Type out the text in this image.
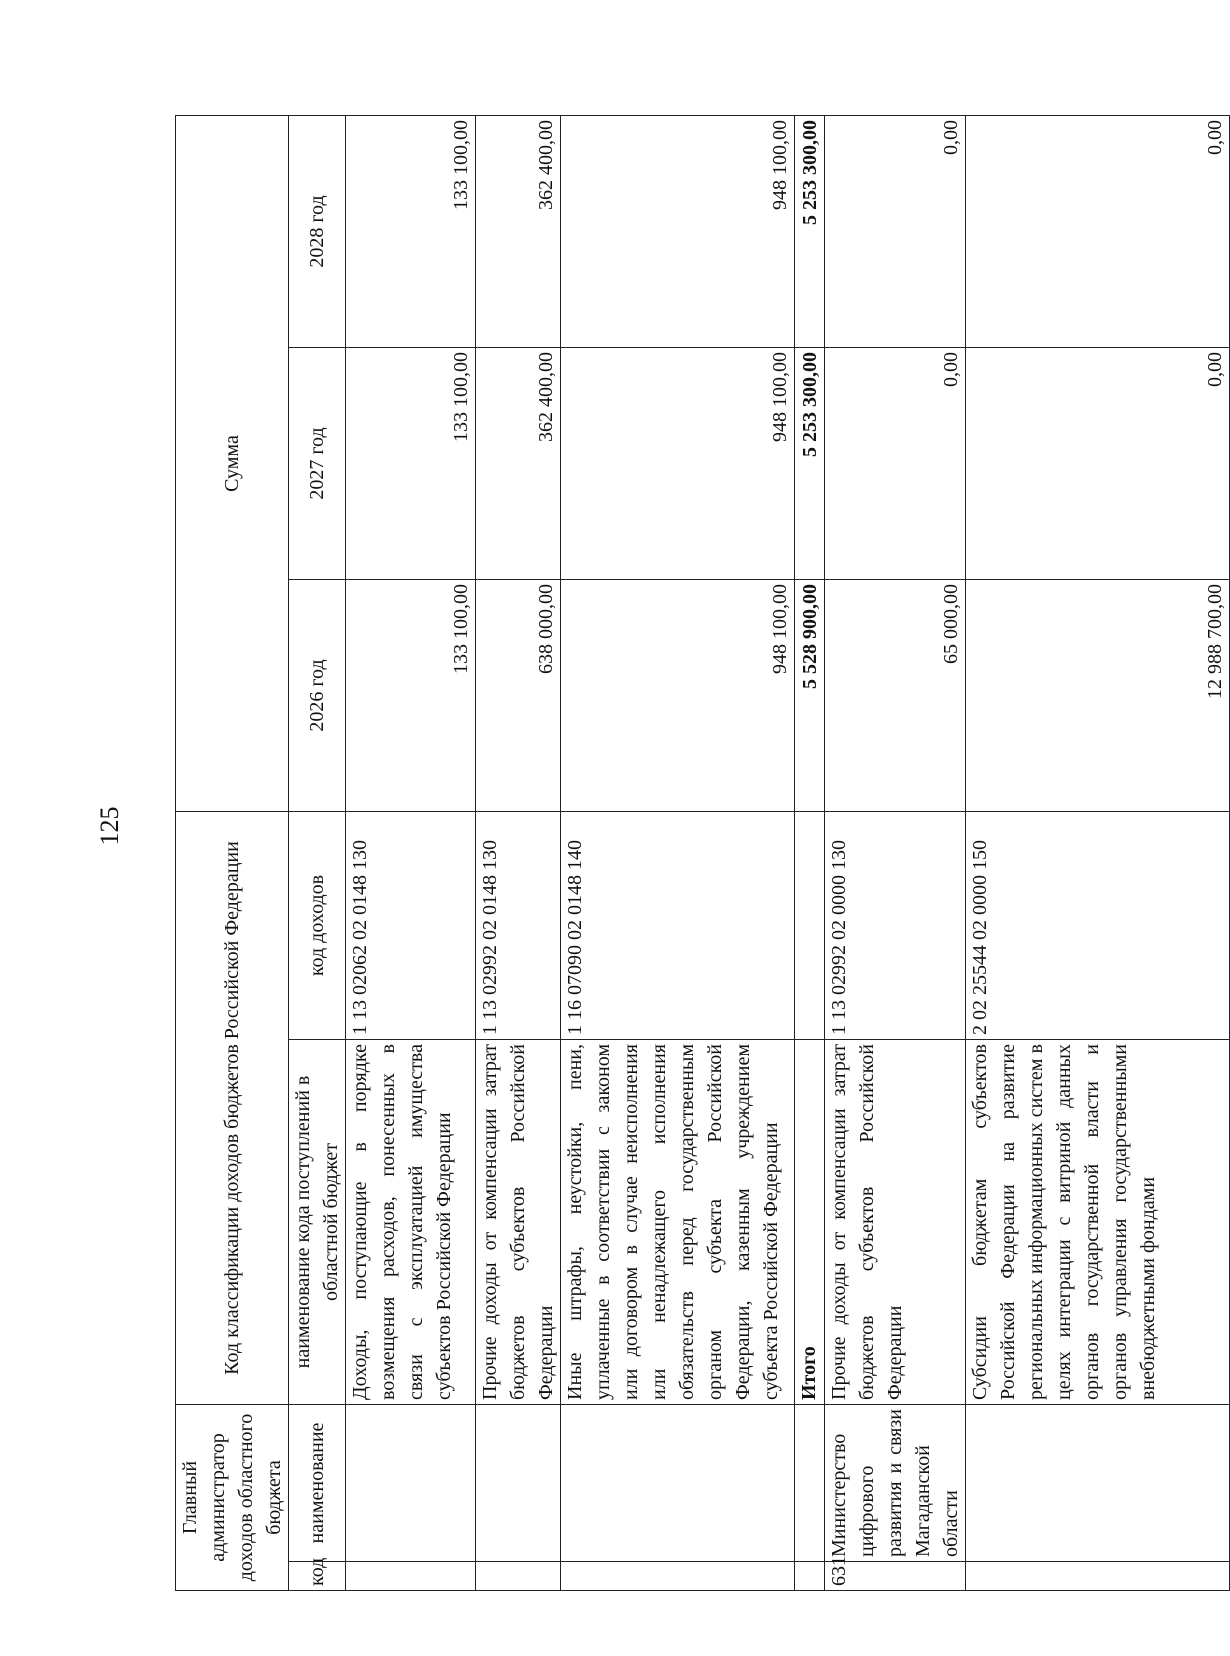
125
Главный администратор доходов областного бюджета		Код классификации доходов бюджетов Российской Федерации		Сумма		
код	наименование	наименование кода поступлений в областной бюджет	код доходов	2026 год	2027 год	2028 год
		Доходы, поступающие в порядке возмещения расходов, понесенных в связи с эксплуатацией имущества субъектов Российской Федерации	1 13 02062 02 0148 130	133 100,00	133 100,00	133 100,00
		Прочие доходы от компенсации затрат бюджетов субъектов Российской Федерации	1 13 02992 02 0148 130	638 000,00	362 400,00	362 400,00
		Иные штрафы, неустойки, пени, уплаченные в соответствии с законом или договором в случае неисполнения или ненадлежащего исполнения обязательств перед государственным органом субъекта Российской Федерации, казенным учреждением субъекта Российской Федерации	1 16 07090 02 0148 140	948 100,00	948 100,00	948 100,00
		Итого		5 528 900,00	5 253 300,00	5 253 300,00
631	Министерство цифрового развития и связи Магаданской области	Прочие доходы от компенсации затрат бюджетов субъектов Российской Федерации	1 13 02992 02 0000 130	65 000,00	0,00	0,00
		Субсидии бюджетам субъектов Российской Федерации на развитие региональных информационных систем в целях интеграции с витриной данных органов государственной власти и органов управления государственными внебюджетными фондами	2 02 25544 02 0000 150	12 988 700,00	0,00	0,00
